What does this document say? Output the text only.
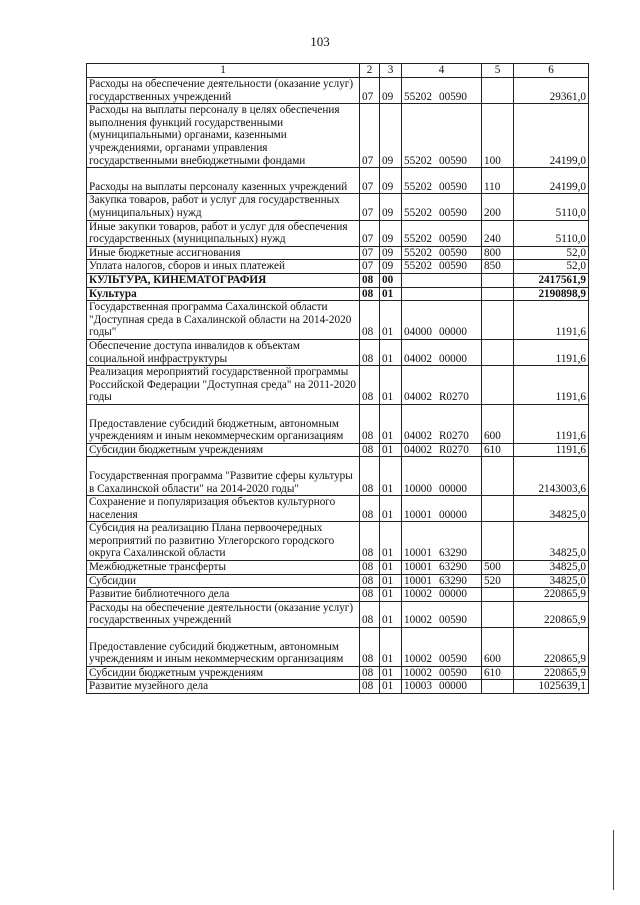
103
1	2	3	4	5	6
Расходы на обеспечение деятельности (оказание услуг) государственных учреждений	07	09	55202 00590		29361,0
Расходы на выплаты персоналу в целях обеспечения выполнения функций государственными (муниципальными) органами, казенными учреждениями, органами управления государственными внебюджетными фондами	07	09	55202 00590	100	24199,0
Расходы на выплаты персоналу казенных учреждений	07	09	55202 00590	110	24199,0
Закупка товаров, работ и услуг для государственных (муниципальных) нужд	07	09	55202 00590	200	5110,0
Иные закупки товаров, работ и услуг для обеспечения государственных (муниципальных) нужд	07	09	55202 00590	240	5110,0
Иные бюджетные ассигнования	07	09	55202 00590	800	52,0
Уплата налогов, сборов и иных платежей	07	09	55202 00590	850	52,0
КУЛЬТУРА, КИНЕМАТОГРАФИЯ	08	00			2417561,9
Культура	08	01			2190898,9
Государственная программа Сахалинской области "Доступная среда в Сахалинской области на 2014-2020 годы"	08	01	04000 00000		1191,6
Обеспечение доступа инвалидов к объектам социальной инфраструктуры	08	01	04002 00000		1191,6
Реализация мероприятий государственной программы Российской Федерации "Доступная среда" на 2011-2020 годы	08	01	04002 R0270		1191,6
Предоставление субсидий бюджетным, автономным учреждениям и иным некоммерческим организациям	08	01	04002 R0270	600	1191,6
Субсидии бюджетным учреждениям	08	01	04002 R0270	610	1191,6
Государственная программа "Развитие сферы культуры в Сахалинской области" на 2014-2020 годы"	08	01	10000 00000		2143003,6
Сохранение и популяризация объектов культурного населения	08	01	10001 00000		34825,0
Субсидия на реализацию Плана первоочередных мероприятий по развитию Углегорского городского округа Сахалинской области	08	01	10001 63290		34825,0
Межбюджетные трансферты	08	01	10001 63290	500	34825,0
Субсидии	08	01	10001 63290	520	34825,0
Развитие библиотечного дела	08	01	10002 00000		220865,9
Расходы на обеспечение деятельности (оказание услуг) государственных учреждений	08	01	10002 00590		220865,9
Предоставление субсидий бюджетным, автономным учреждениям и иным некоммерческим организациям	08	01	10002 00590	600	220865,9
Субсидии бюджетным учреждениям	08	01	10002 00590	610	220865,9
Развитие музейного дела	08	01	10003 00000		1025639,1
